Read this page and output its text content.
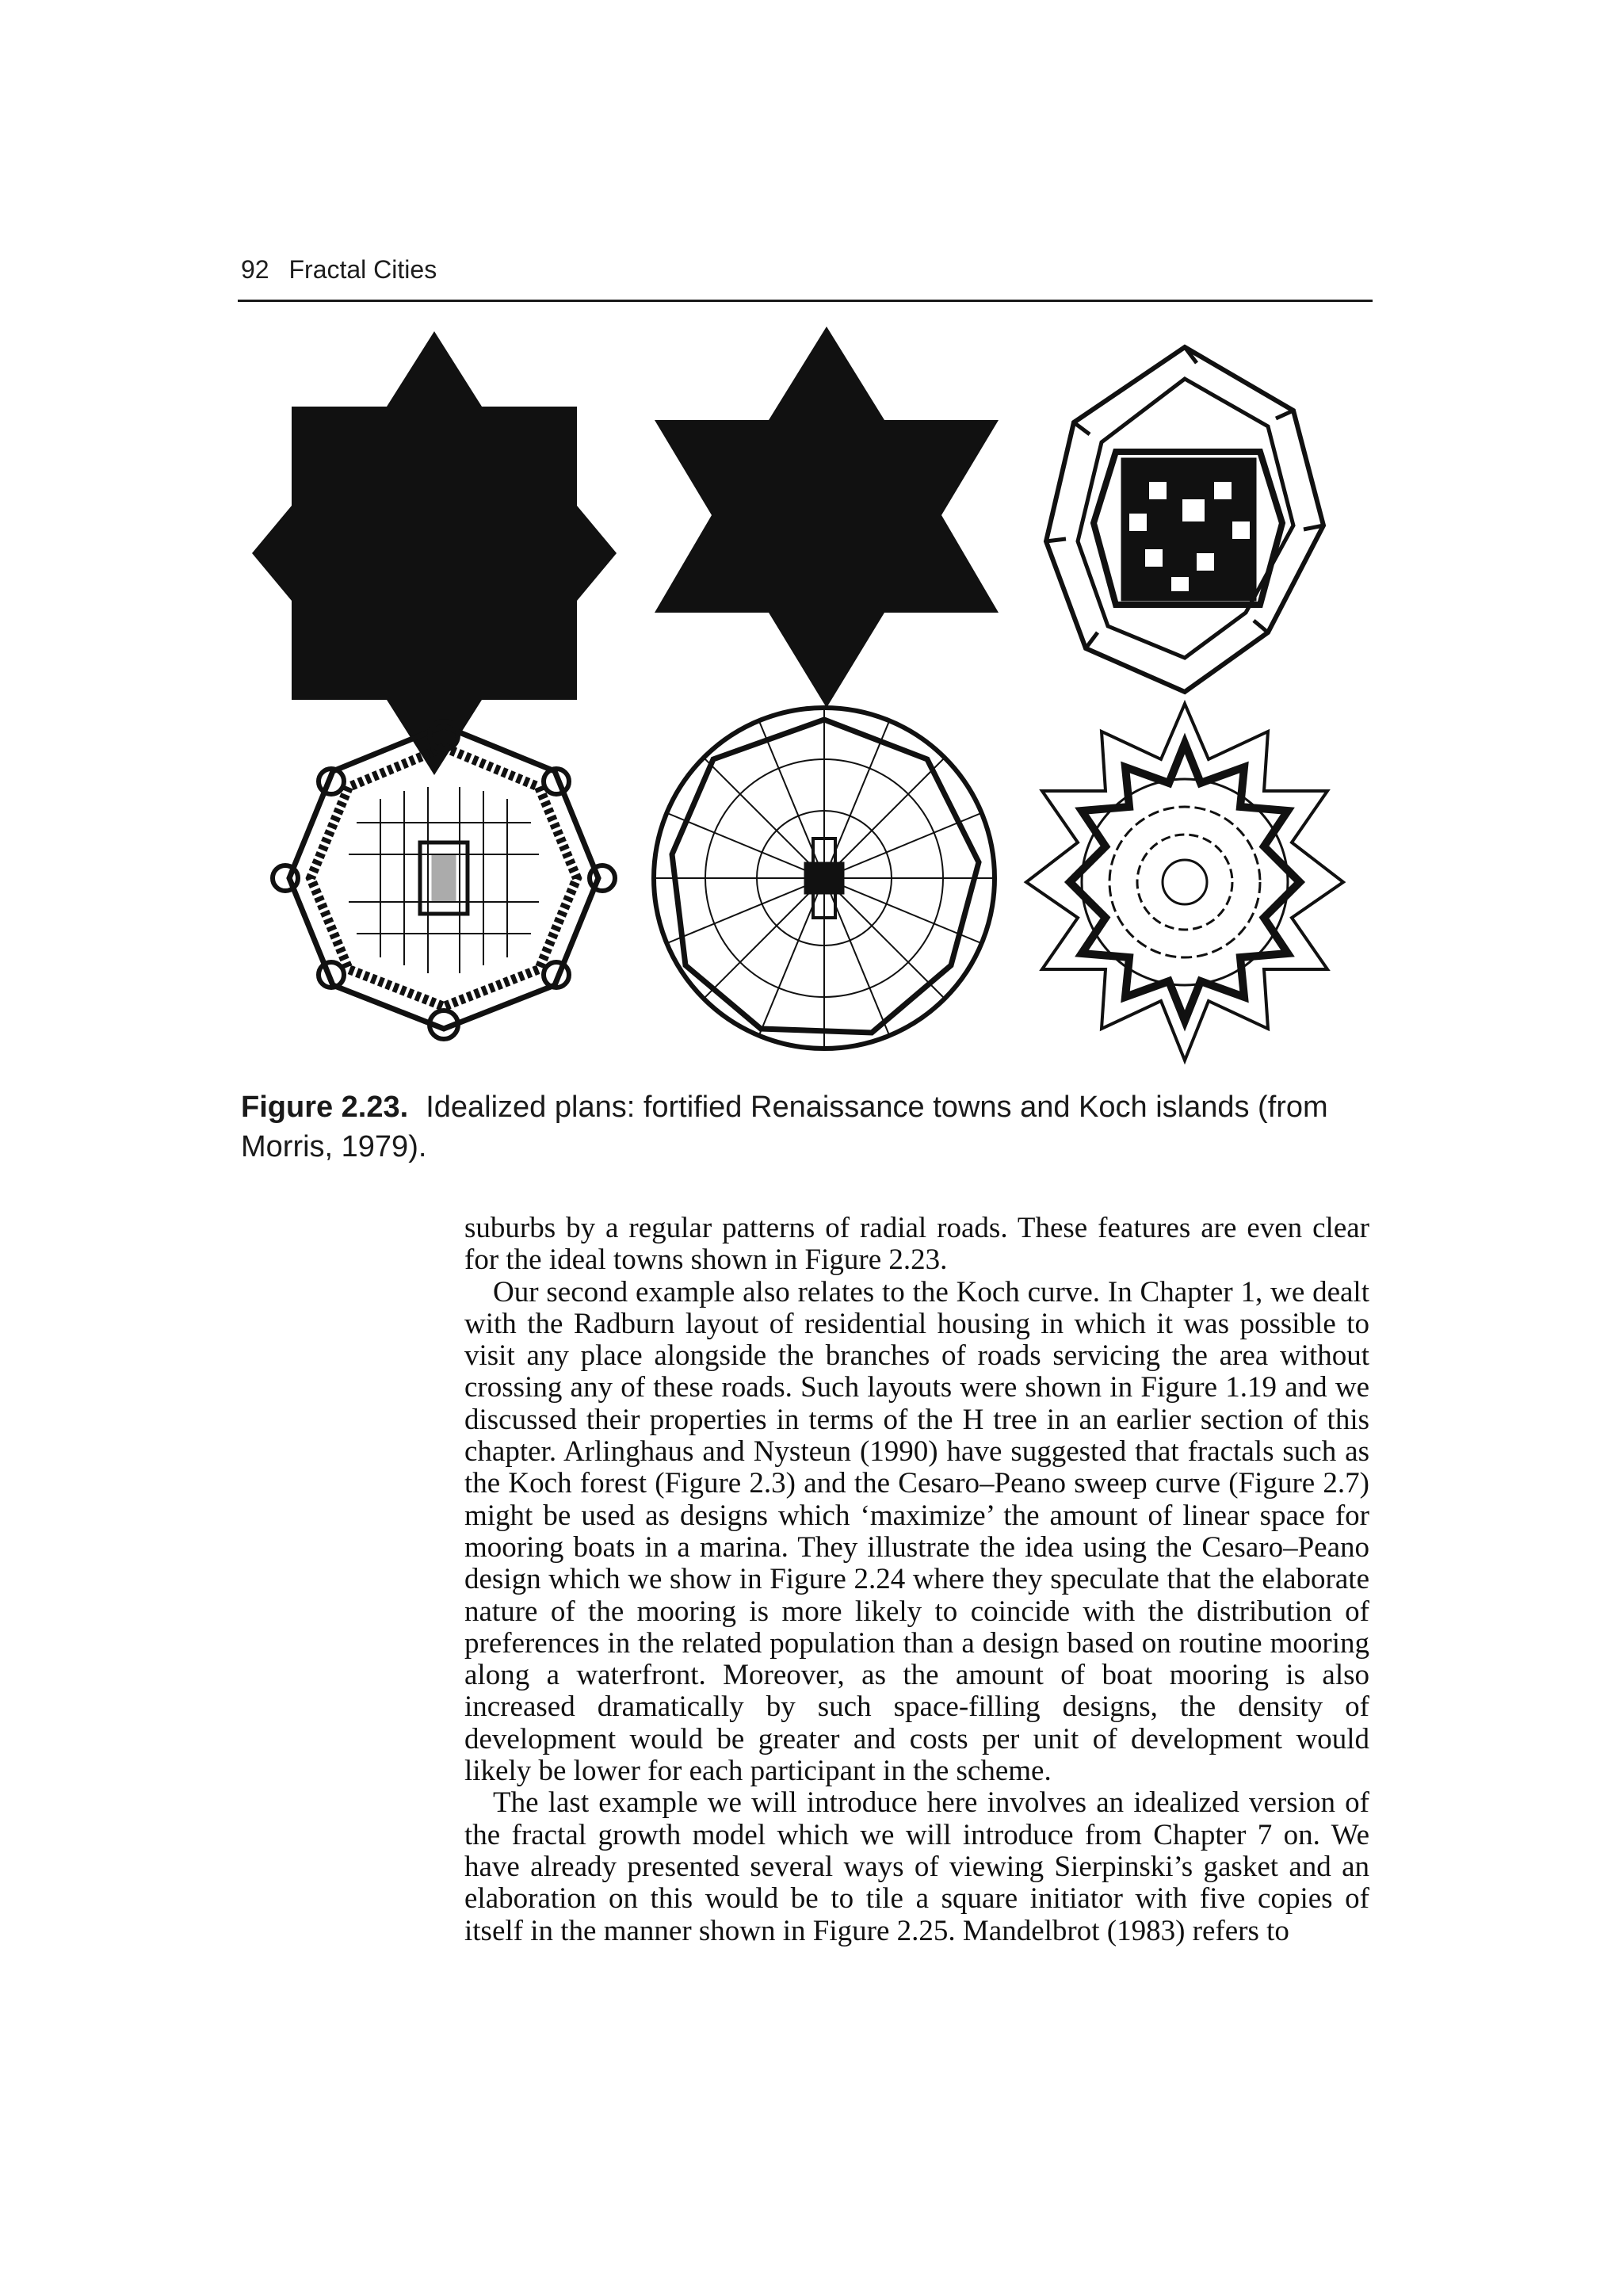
92 Fractal Cities
Figure 2.23. Idealized plans: fortified Renaissance towns and Koch islands (from Morris, 1979).

suburbs by a regular patterns of radial roads. These features are even clear for the ideal towns shown in Figure 2.23.

Our second example also relates to the Koch curve. In Chapter 1, we dealt with the Radburn layout of residential housing in which it was possible to visit any place alongside the branches of roads servicing the area without crossing any of these roads. Such layouts were shown in Figure 1.19 and we discussed their properties in terms of the H tree in an earlier section of this chapter. Arlinghaus and Nysteun (1990) have suggested that fractals such as the Koch forest (Figure 2.3) and the Cesaro–Peano sweep curve (Figure 2.7) might be used as designs which ‘maximize’ the amount of linear space for mooring boats in a marina. They illustrate the idea using the Cesaro–Peano design which we show in Figure 2.24 where they speculate that the elaborate nature of the mooring is more likely to coincide with the distribution of preferences in the related population than a design based on routine mooring along a waterfront. Moreover, as the amount of boat mooring is also increased dramatically by such space-filling designs, the density of development would be greater and costs per unit of development would likely be lower for each participant in the scheme.

The last example we will introduce here involves an idealized version of the fractal growth model which we will introduce from Chapter 7 on. We have already presented several ways of viewing Sierpinski’s gasket and an elaboration on this would be to tile a square initiator with five copies of itself in the manner shown in Figure 2.25. Mandelbrot (1983) refers to
